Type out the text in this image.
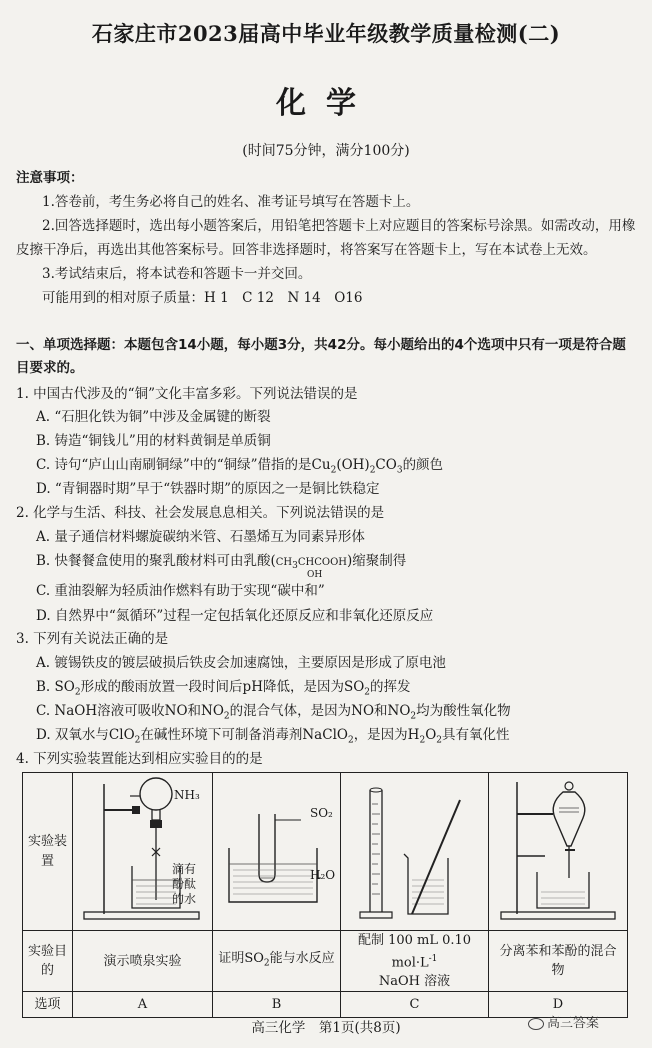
石家庄市2023届高中毕业年级教学质量检测(二)
化学
(时间75分钟，满分100分)
注意事项：
1.答卷前，考生务必将自己的姓名、准考证号填写在答题卡上。
2.回答选择题时，选出每小题答案后，用铅笔把答题卡上对应题目的答案标号涂黑。如需改动，用橡皮擦干净后，再选出其他答案标号。回答非选择题时，将答案写在答题卡上，写在本试卷上无效。
3.考试结束后，将本试卷和答题卡一并交回。
可能用到的相对原子质量：H 1　C 12　N 14　O16
一、单项选择题：本题包含14小题，每小题3分，共42分。每小题给出的4个选项中只有一项是符合题目要求的。
1. 中国古代涉及的“铜”文化丰富多彩。下列说法错误的是
A. “石胆化铁为铜”中涉及金属键的断裂
B. 铸造“铜钱儿”用的材料黄铜是单质铜
C. 诗句“庐山山南刷铜绿”中的“铜绿”借指的是$Cu_2(OH)_2CO_3$的颜色
D. “青铜器时期”早于“铁器时期”的原因之一是铜比铁稳定
2. 化学与生活、科技、社会发展息息相关。下列说法错误的是
A. 量子通信材料螺旋碳纳米管、石墨烯互为同素异形体
B. 快餐餐盒使用的聚乳酸材料可由乳酸$(CH_3CHCOOH)$缩聚制得
OH
C. 重油裂解为轻质油作燃料有助于实现“碳中和”
D. 自然界中“氮循环”过程一定包括氧化还原反应和非氧化还原反应
3. 下列有关说法正确的是
A. 镀锡铁皮的镀层破损后铁皮会加速腐蚀，主要原因是形成了原电池
B. $SO_2$形成的酸雨放置一段时间后pH降低，是因为$SO_2$的挥发
C. NaOH溶液可吸收NO和$NO_2$的混合气体，是因为NO和$NO_2$均为酸性氧化物
D. 双氧水与ClO$_2$在碱性环境下可制备消毒剂NaClO$_2$，是因为$H_2O_2$具有氧化性
4. 下列实验装置能达到相应实验目的的是
实验装置				
实验目的	演示喷泉实验	证明$SO_2$能与水反应	配制 100 mL 0.10 $mol\cdot L^{-1}$
NaOH 溶液	分离苯和苯酚的混合物
选项	A	B	C	D
NH₃
滴有酚酞的水
SO₂
H₂O
高三化学　第1页(共8页)	高三答案
